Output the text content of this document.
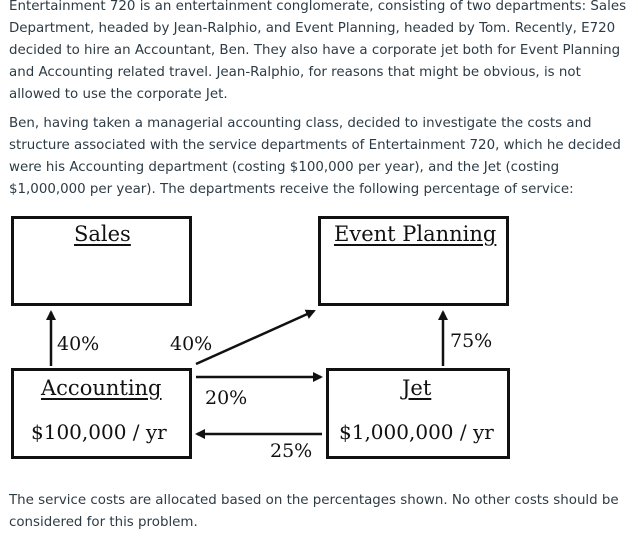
Entertainment 720 is an entertainment conglomerate, consisting of two departments: Sales Department, headed by Jean-Ralphio, and Event Planning, headed by Tom. Recently, E720 decided to hire an Accountant, Ben. They also have a corporate jet both for Event Planning and Accounting related travel. Jean-Ralphio, for reasons that might be obvious, is not allowed to use the corporate Jet.

Ben, having taken a managerial accounting class, decided to investigate the costs and structure associated with the service departments of Entertainment 720, which he decided were his Accounting department (costing $100,000 per year), and the Jet (costing $1,000,000 per year). The departments receive the following percentage of service:

Sales	Event Planning
Accounting
$100,000 / yr
Jet
$1,000,000 / yr
40%	40%
20%
25%
75%

The service costs are allocated based on the percentages shown. No other costs should be considered for this problem.
